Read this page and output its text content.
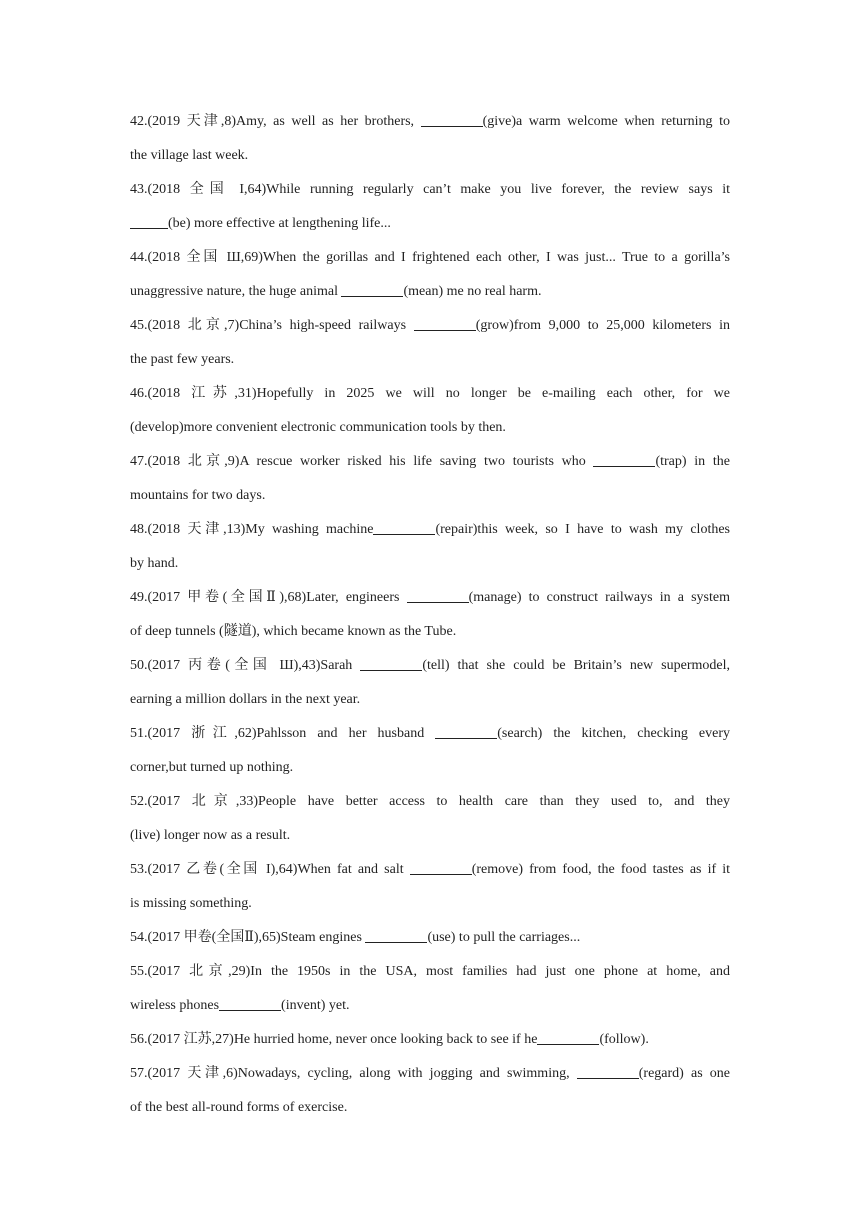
42.(2019 天津,8)Amy, as well as her brothers,	(give)a warm welcome when returning to
the village last week.

43.(2018 全国 I,64)While running regularly can’t make you live forever, the review says it
(be) more effective at lengthening life...

44.(2018 全国 Ш,69)When the gorillas and I frightened each other, I was just... True to a gorilla’s
unaggressive nature, the huge animal	(mean) me no real harm.

45.(2018 北京,7)China’s high-speed railways	(grow)from 9,000 to 25,000 kilometers in
the past few years.

46.(2018 江苏,31)Hopefully in 2025 we will no longer be e-mailing each other, for we
(develop)more convenient electronic communication tools by then.

47.(2018 北京,9)A rescue worker risked his life saving two tourists who	(trap) in the
mountains for two days.

48.(2018 天津,13)My washing machine	(repair)this week, so I have to wash my clothes
by hand.

49.(2017 甲卷(全国Ⅱ),68)Later, engineers	(manage) to construct railways in a system
of deep tunnels (隧道), which became known as the Tube.

50.(2017 丙卷(全国 Ш),43)Sarah	(tell) that she could be Britain’s new supermodel,
earning a million dollars in the next year.

51.(2017 浙江,62)Pahlsson and her husband	(search) the kitchen, checking every
corner,but turned up nothing.

52.(2017 北京,33)People have better access to health care than they used to, and they
(live) longer now as a result.

53.(2017 乙卷(全国 I),64)When fat and salt	(remove) from food, the food tastes as if it
is missing something.

54.(2017 甲卷(全国Ⅱ),65)Steam engines	(use) to pull the carriages...

55.(2017 北京,29)In the 1950s in the USA, most families had just one phone at home, and
wireless phones	(invent) yet.

56.(2017 江苏,27)He hurried home, never once looking back to see if he	(follow).

57.(2017 天津,6)Nowadays, cycling, along with jogging and swimming,	(regard) as one
of the best all-round forms of exercise.
